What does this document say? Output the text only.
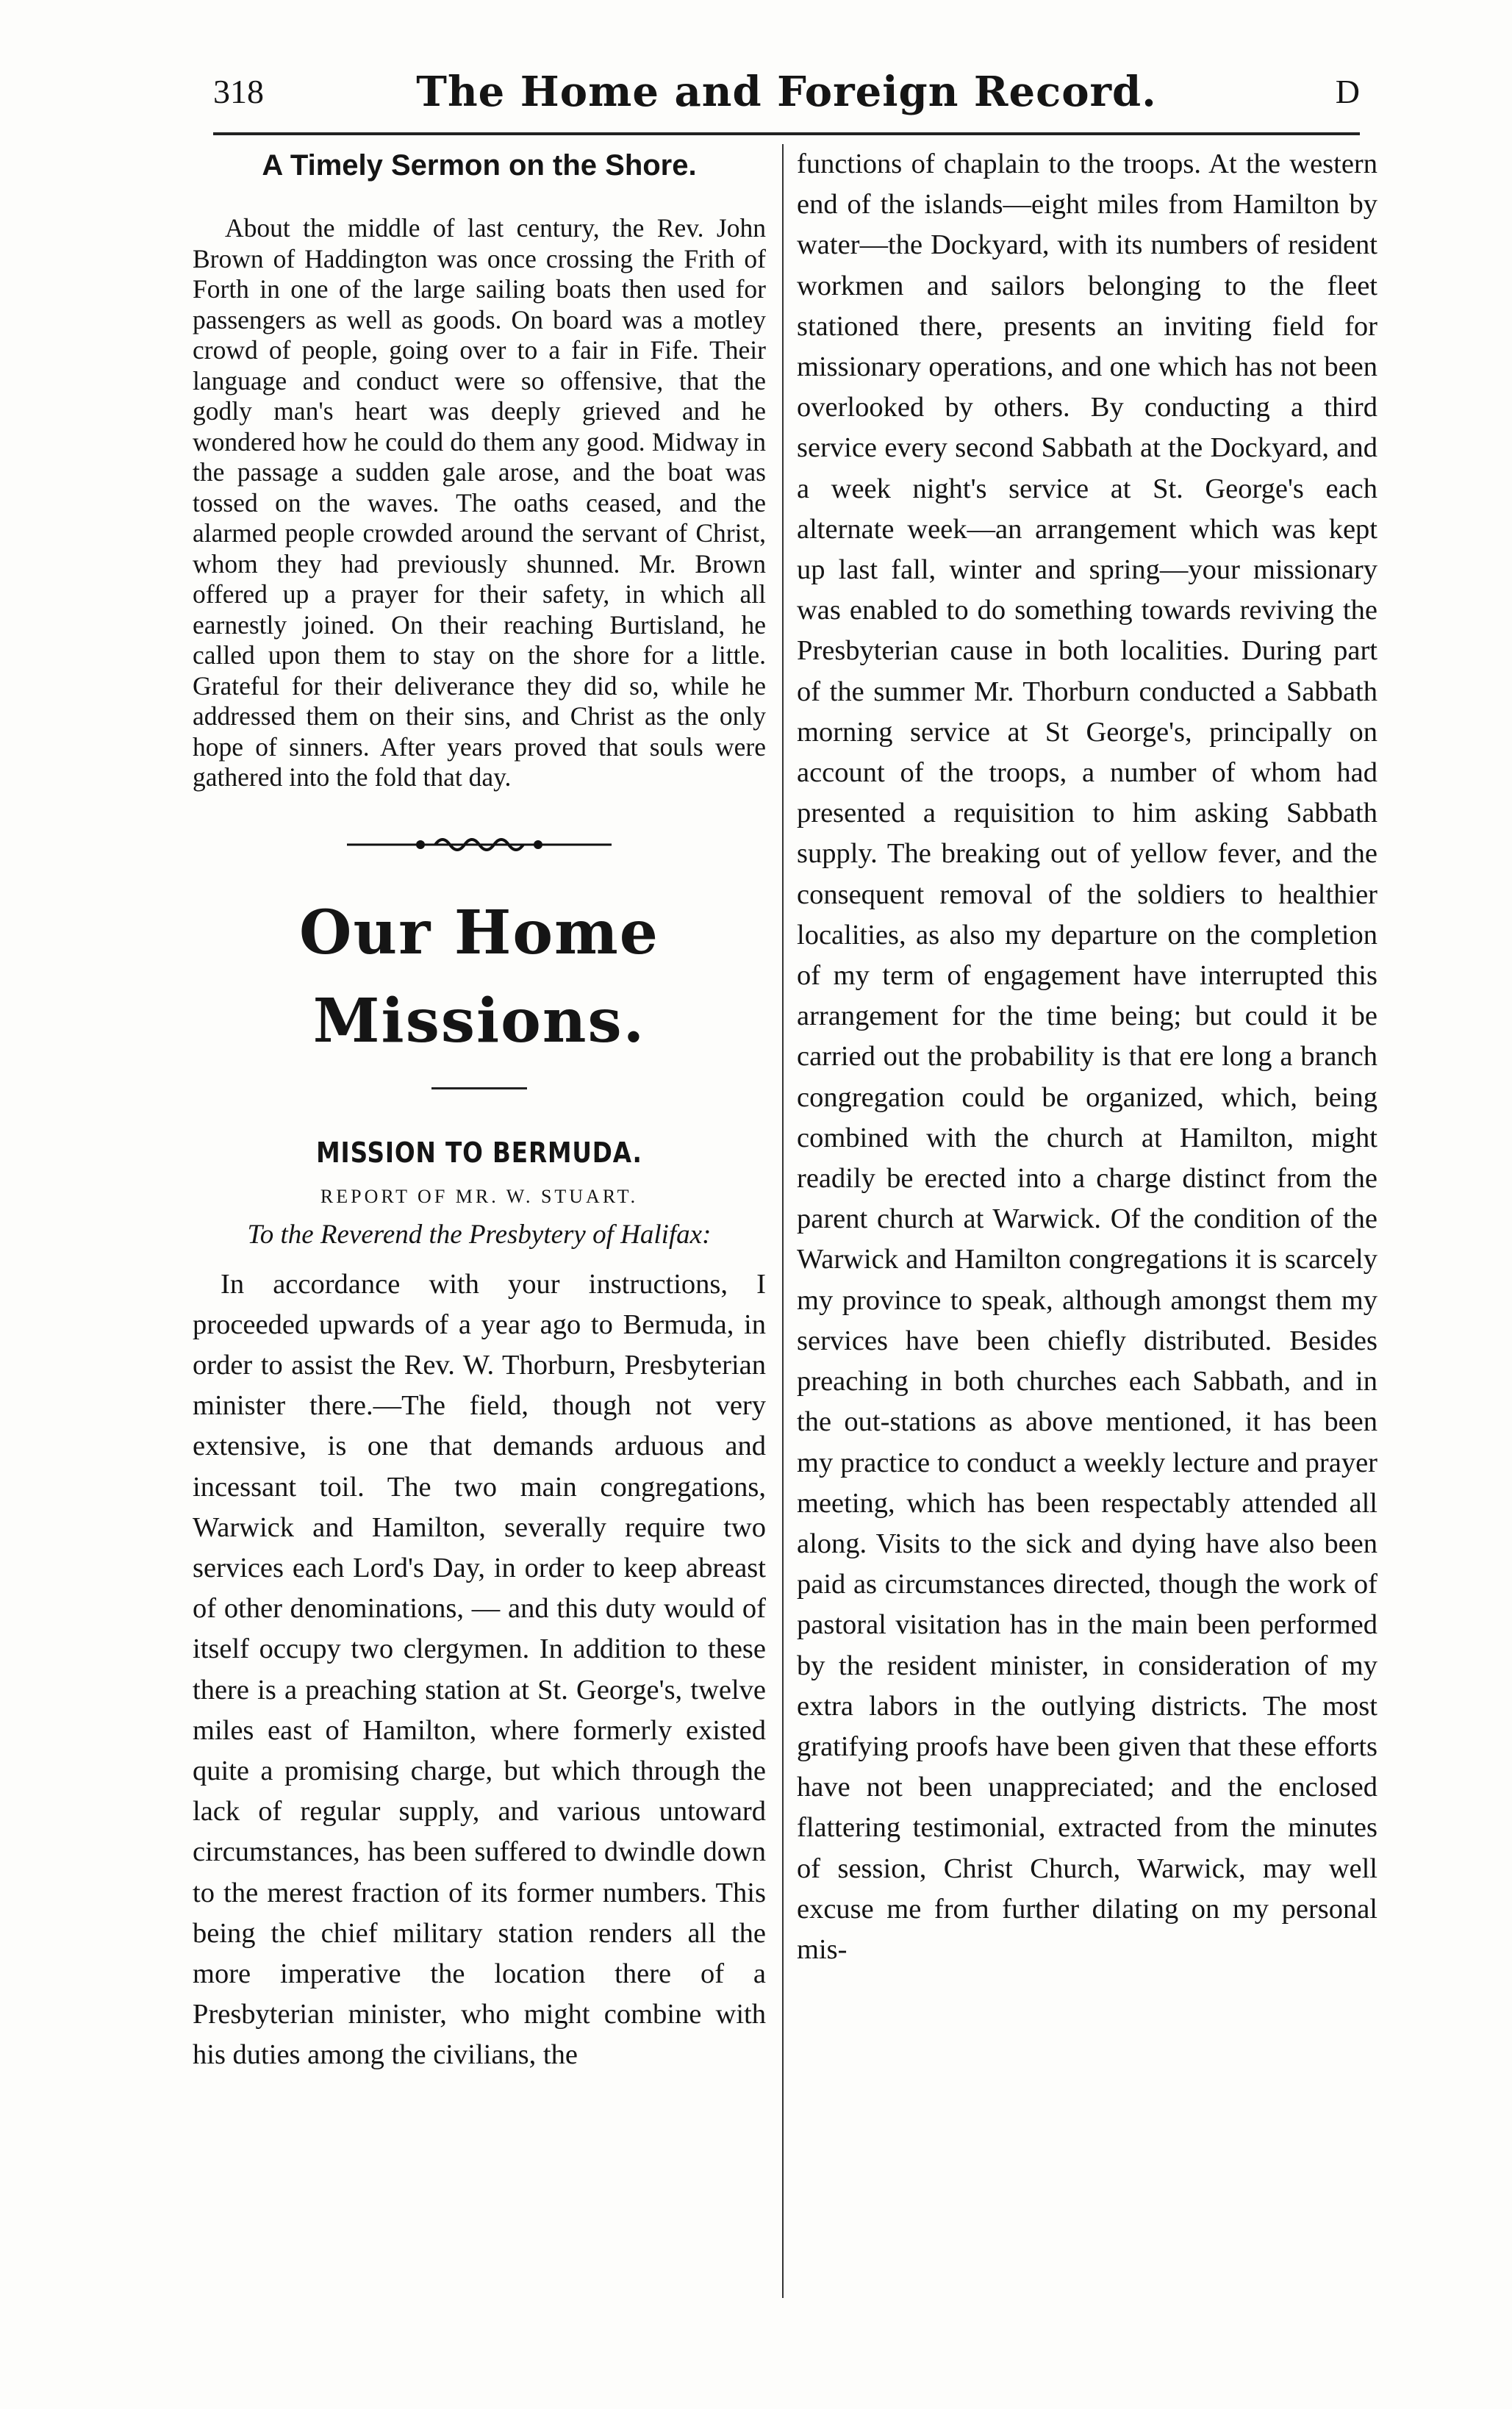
318	The Home and Foreign Record.	D
A Timely Sermon on the Shore.

About the middle of last century, the Rev. John Brown of Haddington was once crossing the Frith of Forth in one of the large sailing boats then used for passengers as well as goods. On board was a motley crowd of people, going over to a fair in Fife. Their language and conduct were so offensive, that the godly man's heart was deeply grieved and he wondered how he could do them any good. Midway in the passage a sudden gale arose, and the boat was tossed on the waves. The oaths ceased, and the alarmed people crowded around the servant of Christ, whom they had previously shunned. Mr. Brown offered up a prayer for their safety, in which all earnestly joined. On their reaching Burtisland, he called upon them to stay on the shore for a little. Grateful for their deliverance they did so, while he addressed them on their sins, and Christ as the only hope of sinners. After years proved that souls were gathered into the fold that day.

Our Home Missions.
MISSION TO BERMUDA.
REPORT OF MR. W. STUART.
To the Reverend the Presbytery of Halifax:

In accordance with your instructions, I proceeded upwards of a year ago to Bermuda, in order to assist the Rev. W. Thorburn, Presbyterian minister there.—The field, though not very extensive, is one that demands arduous and incessant toil. The two main congregations, Warwick and Hamilton, severally require two services each Lord's Day, in order to keep abreast of other denominations, — and this duty would of itself occupy two clergymen. In addition to these there is a preaching station at St. George's, twelve miles east of Hamilton, where formerly existed quite a promising charge, but which through the lack of regular supply, and various untoward circumstances, has been suffered to dwindle down to the merest fraction of its former numbers. This being the chief military station renders all the more imperative the location there of a Presbyterian minister, who might combine with his duties among the civilians, the

functions of chaplain to the troops. At the western end of the islands—eight miles from Hamilton by water—the Dockyard, with its numbers of resident workmen and sailors belonging to the fleet stationed there, presents an inviting field for missionary operations, and one which has not been overlooked by others. By conducting a third service every second Sabbath at the Dockyard, and a week night's service at St. George's each alternate week—an arrangement which was kept up last fall, winter and spring—your missionary was enabled to do something towards reviving the Presbyterian cause in both localities. During part of the summer Mr. Thorburn conducted a Sabbath morning service at St George's, principally on account of the troops, a number of whom had presented a requisition to him asking Sabbath supply. The breaking out of yellow fever, and the consequent removal of the soldiers to healthier localities, as also my departure on the completion of my term of engagement have interrupted this arrangement for the time being; but could it be carried out the probability is that ere long a branch congregation could be organized, which, being combined with the church at Hamilton, might readily be erected into a charge distinct from the parent church at Warwick. Of the condition of the Warwick and Hamilton congregations it is scarcely my province to speak, although amongst them my services have been chiefly distributed. Besides preaching in both churches each Sabbath, and in the out-stations as above mentioned, it has been my practice to conduct a weekly lecture and prayer meeting, which has been respectably attended all along. Visits to the sick and dying have also been paid as circumstances directed, though the work of pastoral visitation has in the main been performed by the resident minister, in consideration of my extra labors in the outlying districts. The most gratifying proofs have been given that these efforts have not been unappreciated; and the enclosed flattering testimonial, extracted from the minutes of session, Christ Church, Warwick, may well excuse me from further dilating on my personal mis-
